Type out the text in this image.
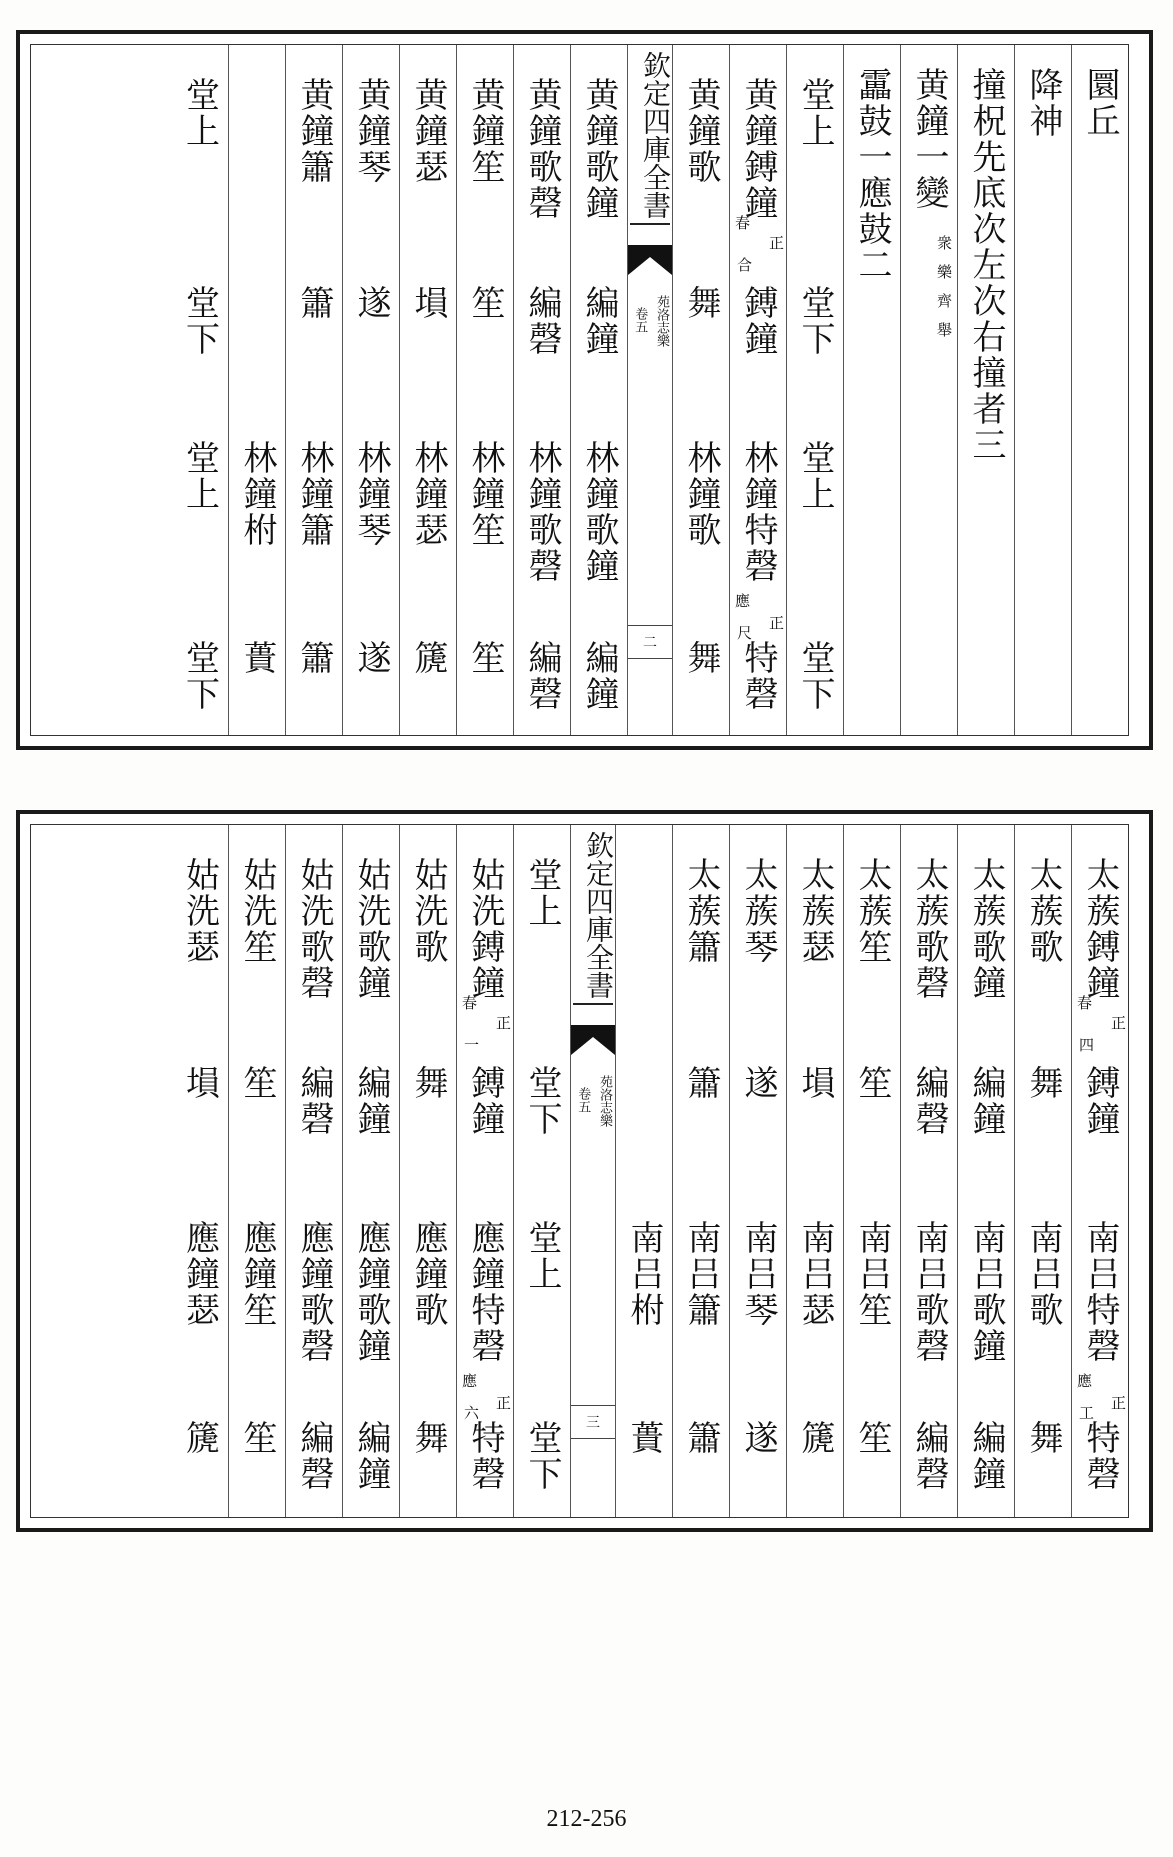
圜丘
降神
撞柷先底次左次右撞者三
黄鐘一變
衆樂齊舉
靁鼓一應鼓二
堂上
堂下
堂上
堂下
黄鐘鎛鐘
鎛鐘
林鐘特磬
特磬
春
合
正
應
尺
正
黄鐘歌
舞
林鐘歌
舞
欽定四庫全書
苑洛志樂
卷五
二
黄鐘歌鐘
編鐘
林鐘歌鐘
編鐘
黄鐘歌磬
編磬
林鐘歌磬
編磬
黄鐘笙
笙
林鐘笙
笙
黄鐘瑟
塤
林鐘瑟
篪
黄鐘琴
遂
林鐘琴
遂
黄鐘簫
簫
林鐘簫
簫
林鐘柎
蕢
堂上
堂下
堂上
堂下
太蔟鎛鐘
鎛鐘
南吕特磬
特磬
春
四
正
應
工
正
太蔟歌
舞
南吕歌
舞
太蔟歌鐘
編鐘
南吕歌鐘
編鐘
太蔟歌磬
編磬
南吕歌磬
編磬
太蔟笙
笙
南吕笙
笙
太蔟瑟
塤
南吕瑟
篪
太蔟琴
遂
南吕琴
遂
太蔟簫
簫
南吕簫
簫
南吕柎
蕢
欽定四庫全書
苑洛志樂
卷五
三
堂上
堂下
堂上
堂下
姑洗鎛鐘
鎛鐘
應鐘特磬
特磬
春
一
正
應
六
正
姑洗歌
舞
應鐘歌
舞
姑洗歌鐘
編鐘
應鐘歌鐘
編鐘
姑洗歌磬
編磬
應鐘歌磬
編磬
姑洗笙
笙
應鐘笙
笙
姑洗瑟
塤
應鐘瑟
篪
212-256
